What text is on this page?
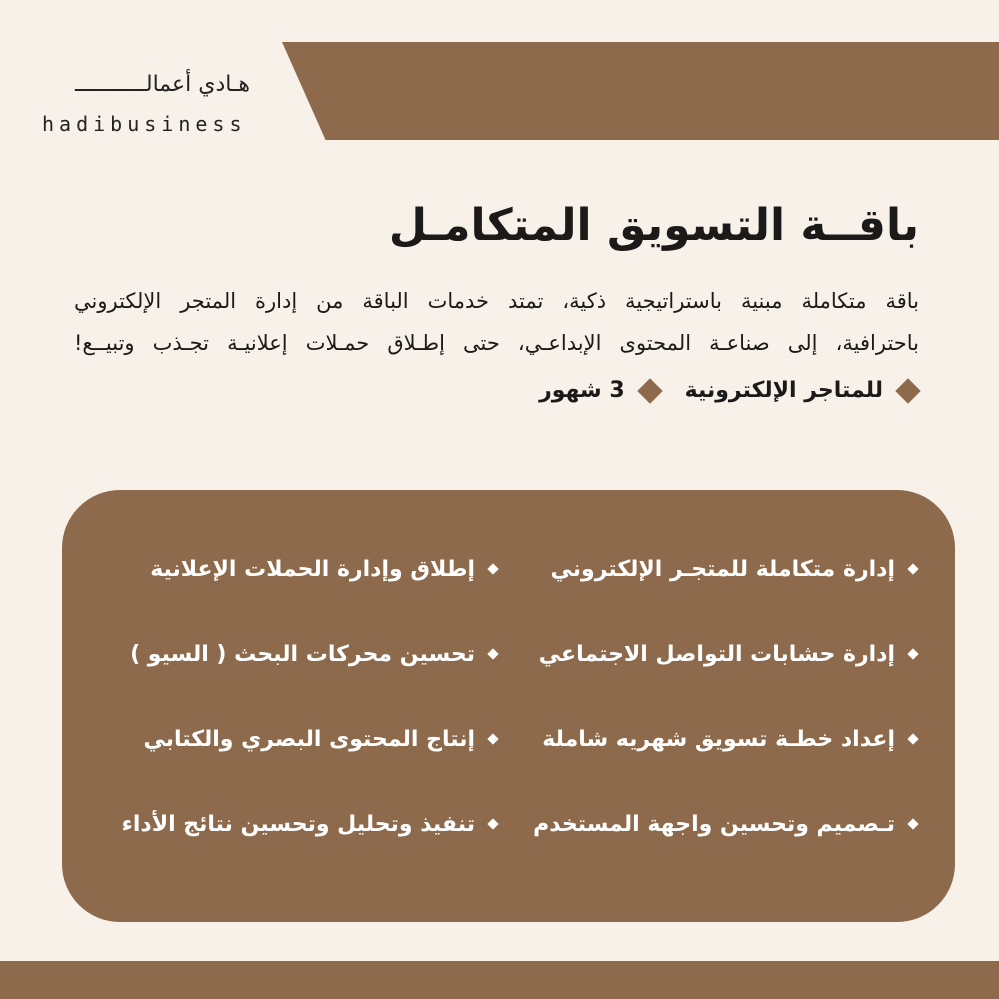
هـادي أعمالـــــــــــ
hadibusiness
باقــة التسويق المتكامـل

باقة متكاملة مبنية باستراتيجية ذكية، تمتد خدمات الباقة من إدارة المتجر الإلكتروني

باحترافية، إلى صناعـة المحتوى الإبداعـي، حتى إطـلاق حمـلات إعلانيـة تجـذب وتبيــع!

للمتاجر الإلكترونية
3 شهور
إدارة متكاملة للمتجـر الإلكتروني
إطلاق وإدارة الحملات الإعلانية
إدارة حشابات التواصل الاجتماعي
تحسين محركات البحث ( السيو )
إعداد خطـة تسويق شهريه شاملة
إنتاج المحتوى البصري والكتابي
تـصميم وتحسين واجهة المستخدم
تنفيذ وتحليل وتحسين نتائج الأداء
